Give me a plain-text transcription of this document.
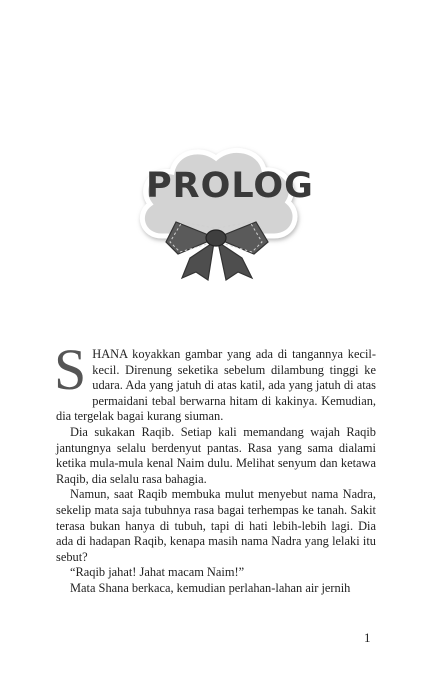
PROLOG

SHANA koyakkan gambar yang ada di tangannya kecil-kecil. Direnung seketika sebelum dilambung tinggi ke udara. Ada yang jatuh di atas katil, ada yang jatuh di atas permaidani tebal berwarna hitam di kakinya. Kemudian, dia tergelak bagai kurang siuman.

Dia sukakan Raqib. Setiap kali memandang wajah Raqib jantungnya selalu berdenyut pantas. Rasa yang sama dialami ketika mula-mula kenal Naim dulu. Melihat senyum dan ketawa Raqib, dia selalu rasa bahagia.

Namun, saat Raqib membuka mulut menyebut nama Nadra, sekelip mata saja tubuhnya rasa bagai terhempas ke tanah. Sakit terasa bukan hanya di tubuh, tapi di hati lebih-lebih lagi. Dia ada di hadapan Raqib, kenapa masih nama Nadra yang lelaki itu sebut?

“Raqib jahat! Jahat macam Naim!”

Mata Shana berkaca, kemudian perlahan-lahan air jernih

1
